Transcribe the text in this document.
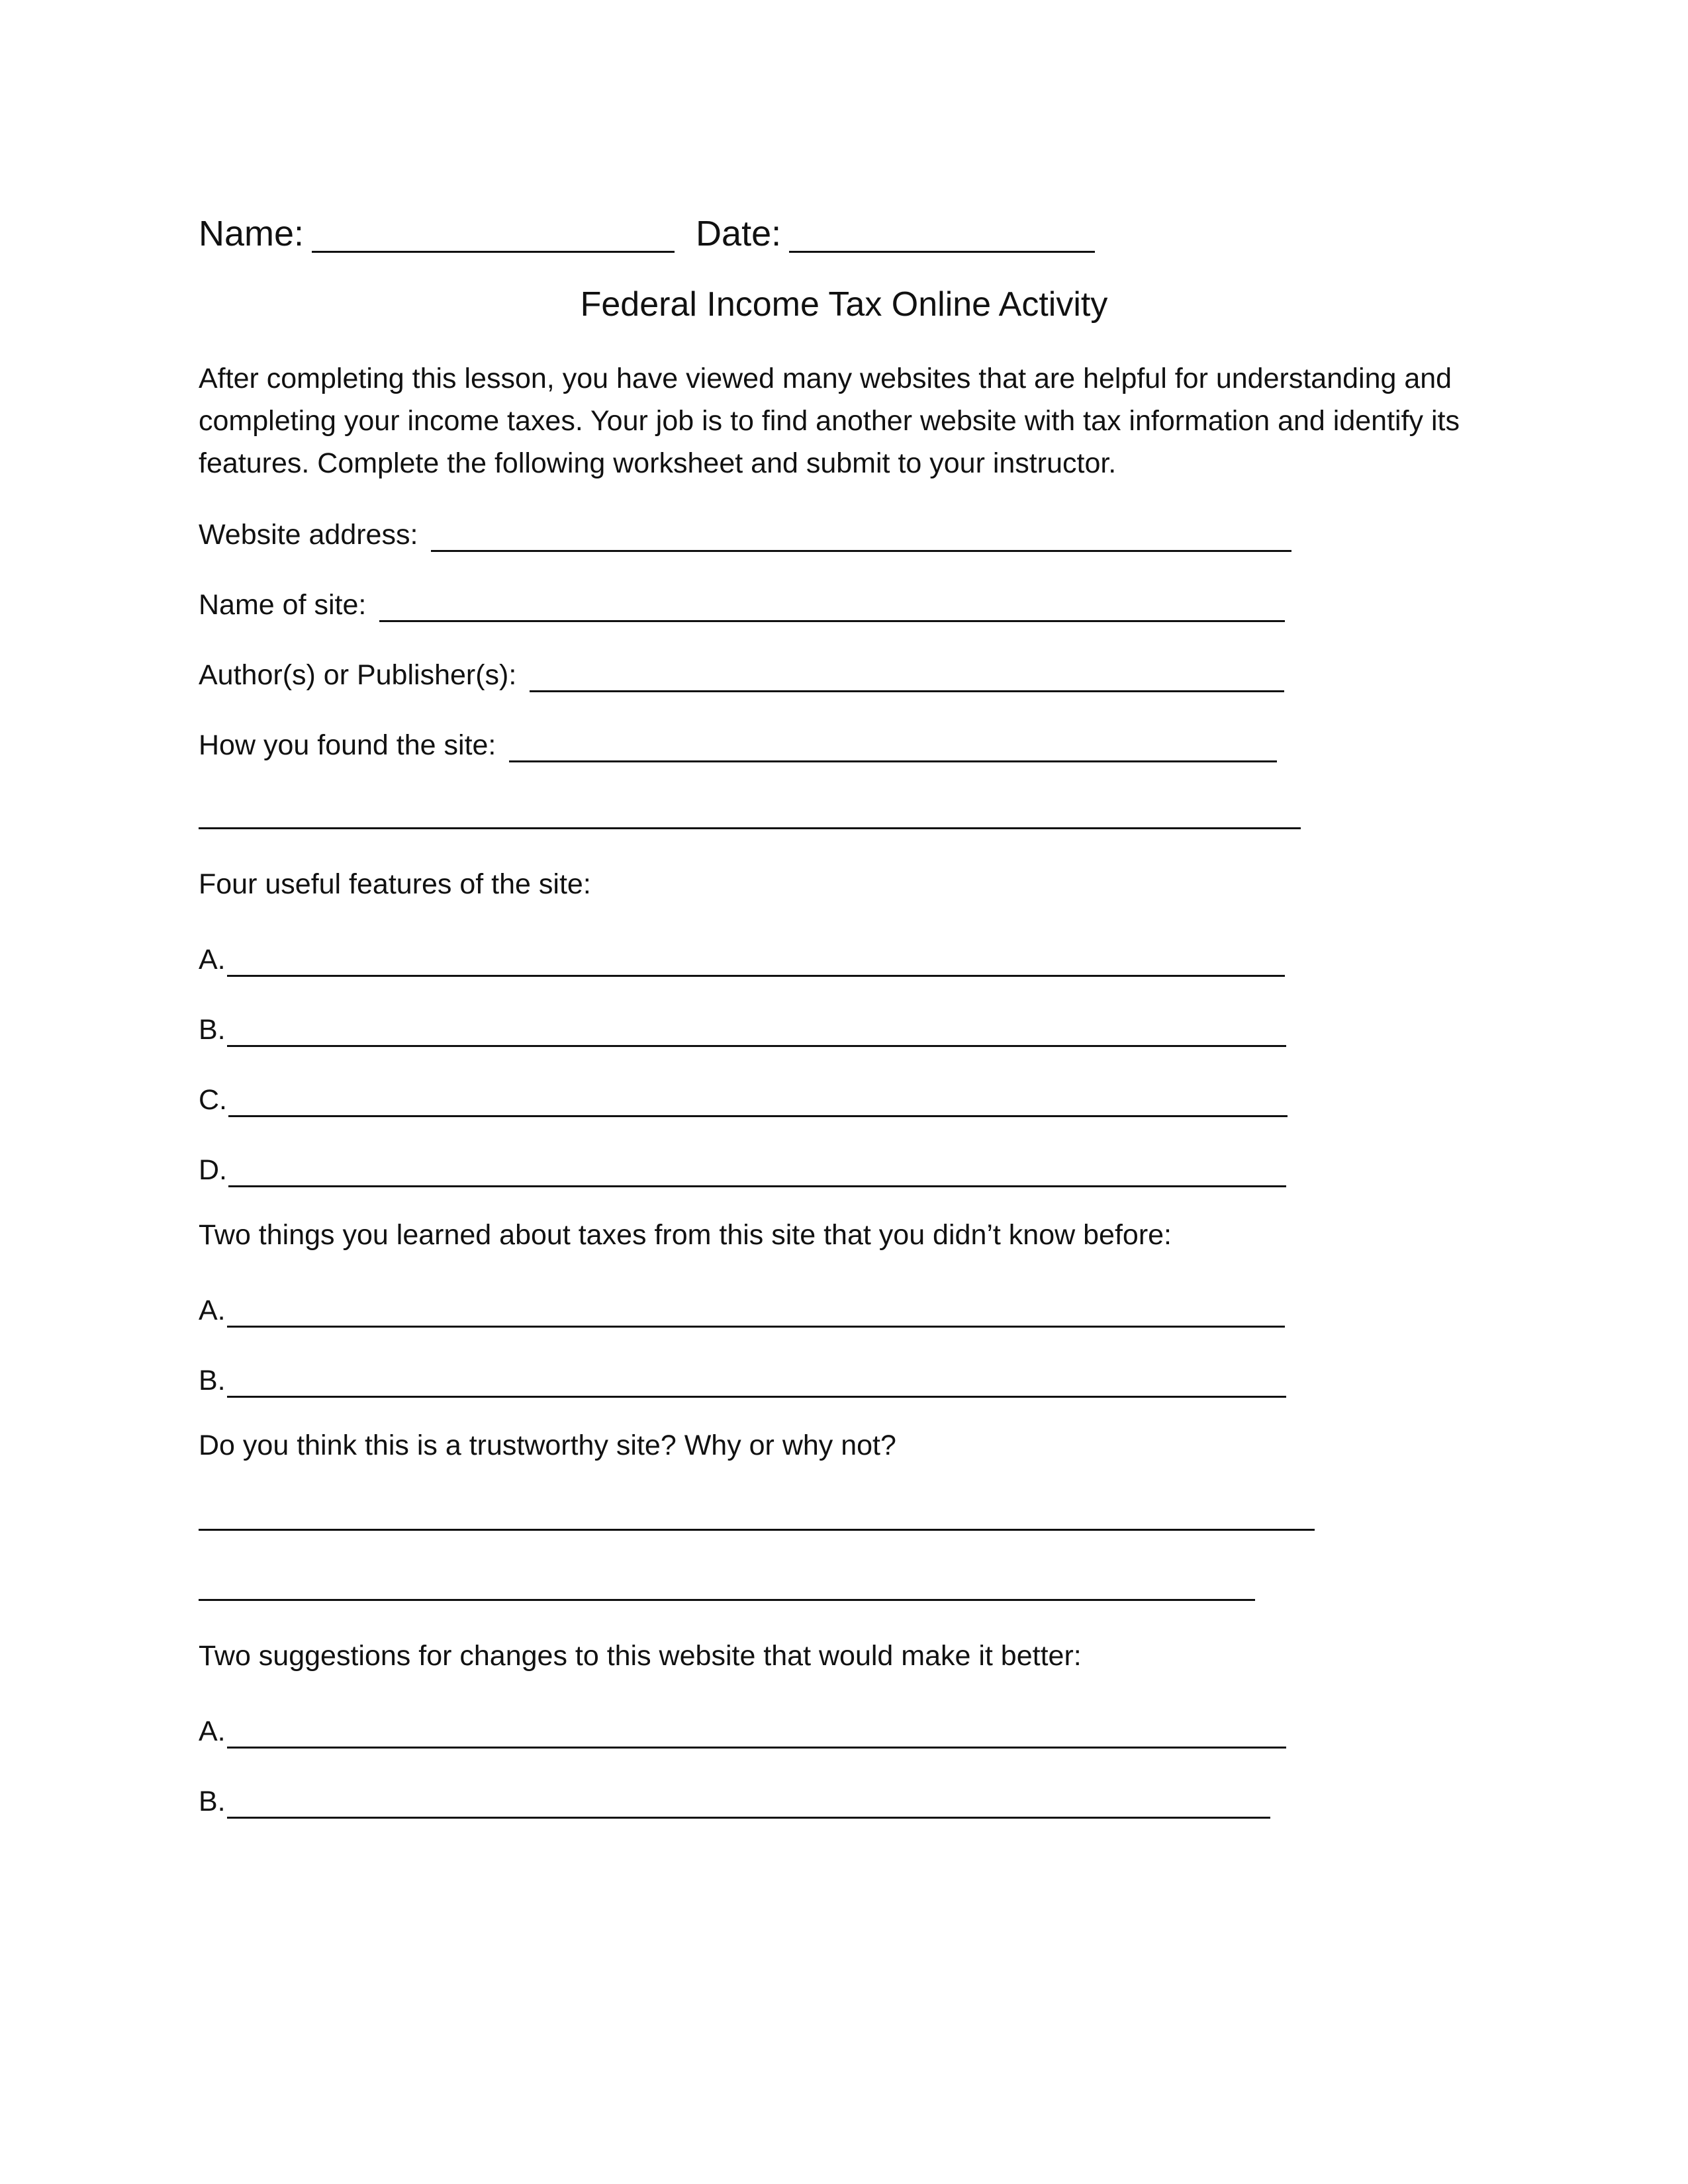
Name:	Date:
Federal Income Tax Online Activity
After completing this lesson, you have viewed many websites that are helpful for understanding and
completing your income taxes. Your job is to find another website with tax information and identify its
features. Complete the following worksheet and submit to your instructor.
Website address:
Name of site:
Author(s) or Publisher(s):
How you found the site:
Four useful features of the site:
A.
B.
C.
D.
Two things you learned about taxes from this site that you didn’t know before:
A.
B.
Do you think this is a trustworthy site? Why or why not?
Two suggestions for changes to this website that would make it better:
A.
B.
